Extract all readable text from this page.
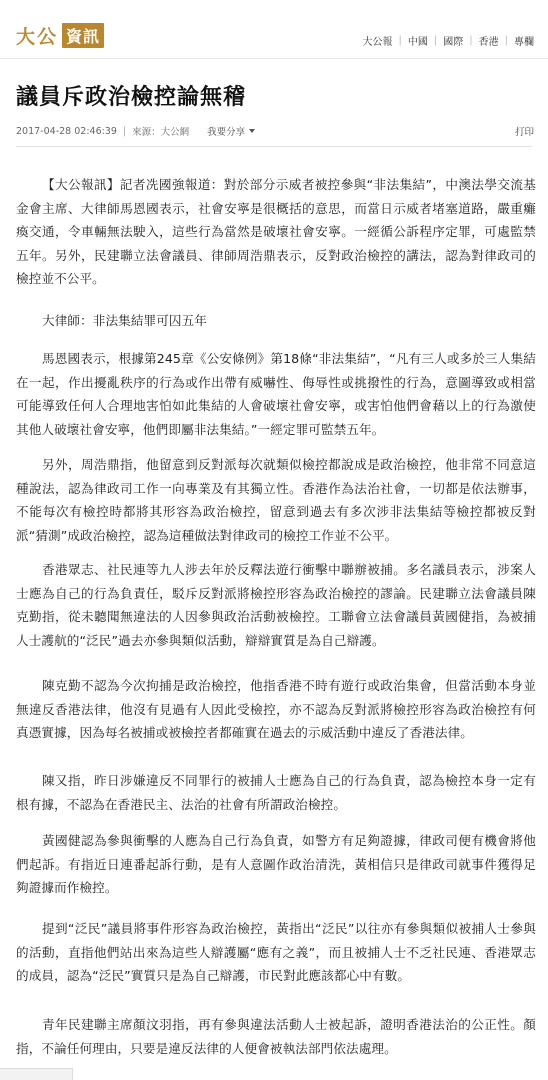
大公 資訊	大公報 | 中國 | 國際 | 香港 | 專欄
議員斥政治檢控論無稽
2017-04-28 02:46:39 | 來源：大公網 我要分享	打印

【大公報訊】記者冼國強報道：對於部分示威者被控參與“非法集結”，中澳法學交流基金會主席、大律師馬恩國表示，社會安寧是很概括的意思，而當日示威者堵塞道路，嚴重癱瘓交通，令車輛無法駛入，這些行為當然是破壞社會安寧。一經循公訴程序定罪，可處監禁五年。另外，民建聯立法會議員、律師周浩鼎表示，反對政治檢控的講法，認為對律政司的檢控並不公平。

大律師：非法集結罪可囚五年

馬恩國表示，根據第245章《公安條例》第18條“非法集結”，“凡有三人或多於三人集結在一起，作出擾亂秩序的行為或作出帶有威嚇性、侮辱性或挑撥性的行為，意圖導致或相當可能導致任何人合理地害怕如此集結的人會破壞社會安寧，或害怕他們會藉以上的行為激使其他人破壞社會安寧，他們即屬非法集結。”一經定罪可監禁五年。

另外，周浩鼎指，他留意到反對派每次就類似檢控都說成是政治檢控，他非常不同意這種說法，認為律政司工作一向專業及有其獨立性。香港作為法治社會，一切都是依法辦事，不能每次有檢控時都將其形容為政治檢控，留意到過去有多次涉非法集結等檢控都被反對派“猜測”成政治檢控，認為這種做法對律政司的檢控工作並不公平。

香港眾志、社民連等九人涉去年於反釋法遊行衝擊中聯辦被捕。多名議員表示，涉案人士應為自己的行為負責任，駁斥反對派將檢控形容為政治檢控的謬論。民建聯立法會議員陳克勤指，從未聽聞無違法的人因參與政治活動被檢控。工聯會立法會議員黃國健指，為被捕人士護航的“泛民”過去亦參與類似活動，辯辯實質是為自己辯護。

陳克勤不認為今次拘捕是政治檢控，他指香港不時有遊行或政治集會，但當活動本身並無違反香港法律，他沒有見過有人因此受檢控，亦不認為反對派將檢控形容為政治檢控有何真憑實據，因為每名被捕或被檢控者都確實在過去的示威活動中違反了香港法律。

陳又指，昨日涉嫌違反不同罪行的被捕人士應為自己的行為負責，認為檢控本身一定有根有據，不認為在香港民主、法治的社會有所謂政治檢控。

黃國健認為參與衝擊的人應為自己行為負責，如警方有足夠證據，律政司便有機會將他們起訴。有指近日連番起訴行動，是有人意圖作政治清洗，黃相信只是律政司就事件獲得足夠證據而作檢控。

提到“泛民”議員將事件形容為政治檢控，黃指出“泛民”以往亦有參與類似被捕人士參與的活動，直指他們站出來為這些人辯護屬“應有之義”，而且被捕人士不乏社民連、香港眾志的成員，認為“泛民”實質只是為自己辯護，市民對此應該都心中有數。

青年民建聯主席顏汶羽指，再有參與違法活動人士被起訴，證明香港法治的公正性。顏指，不論任何理由，只要是違反法律的人便會被執法部門依法處理。
